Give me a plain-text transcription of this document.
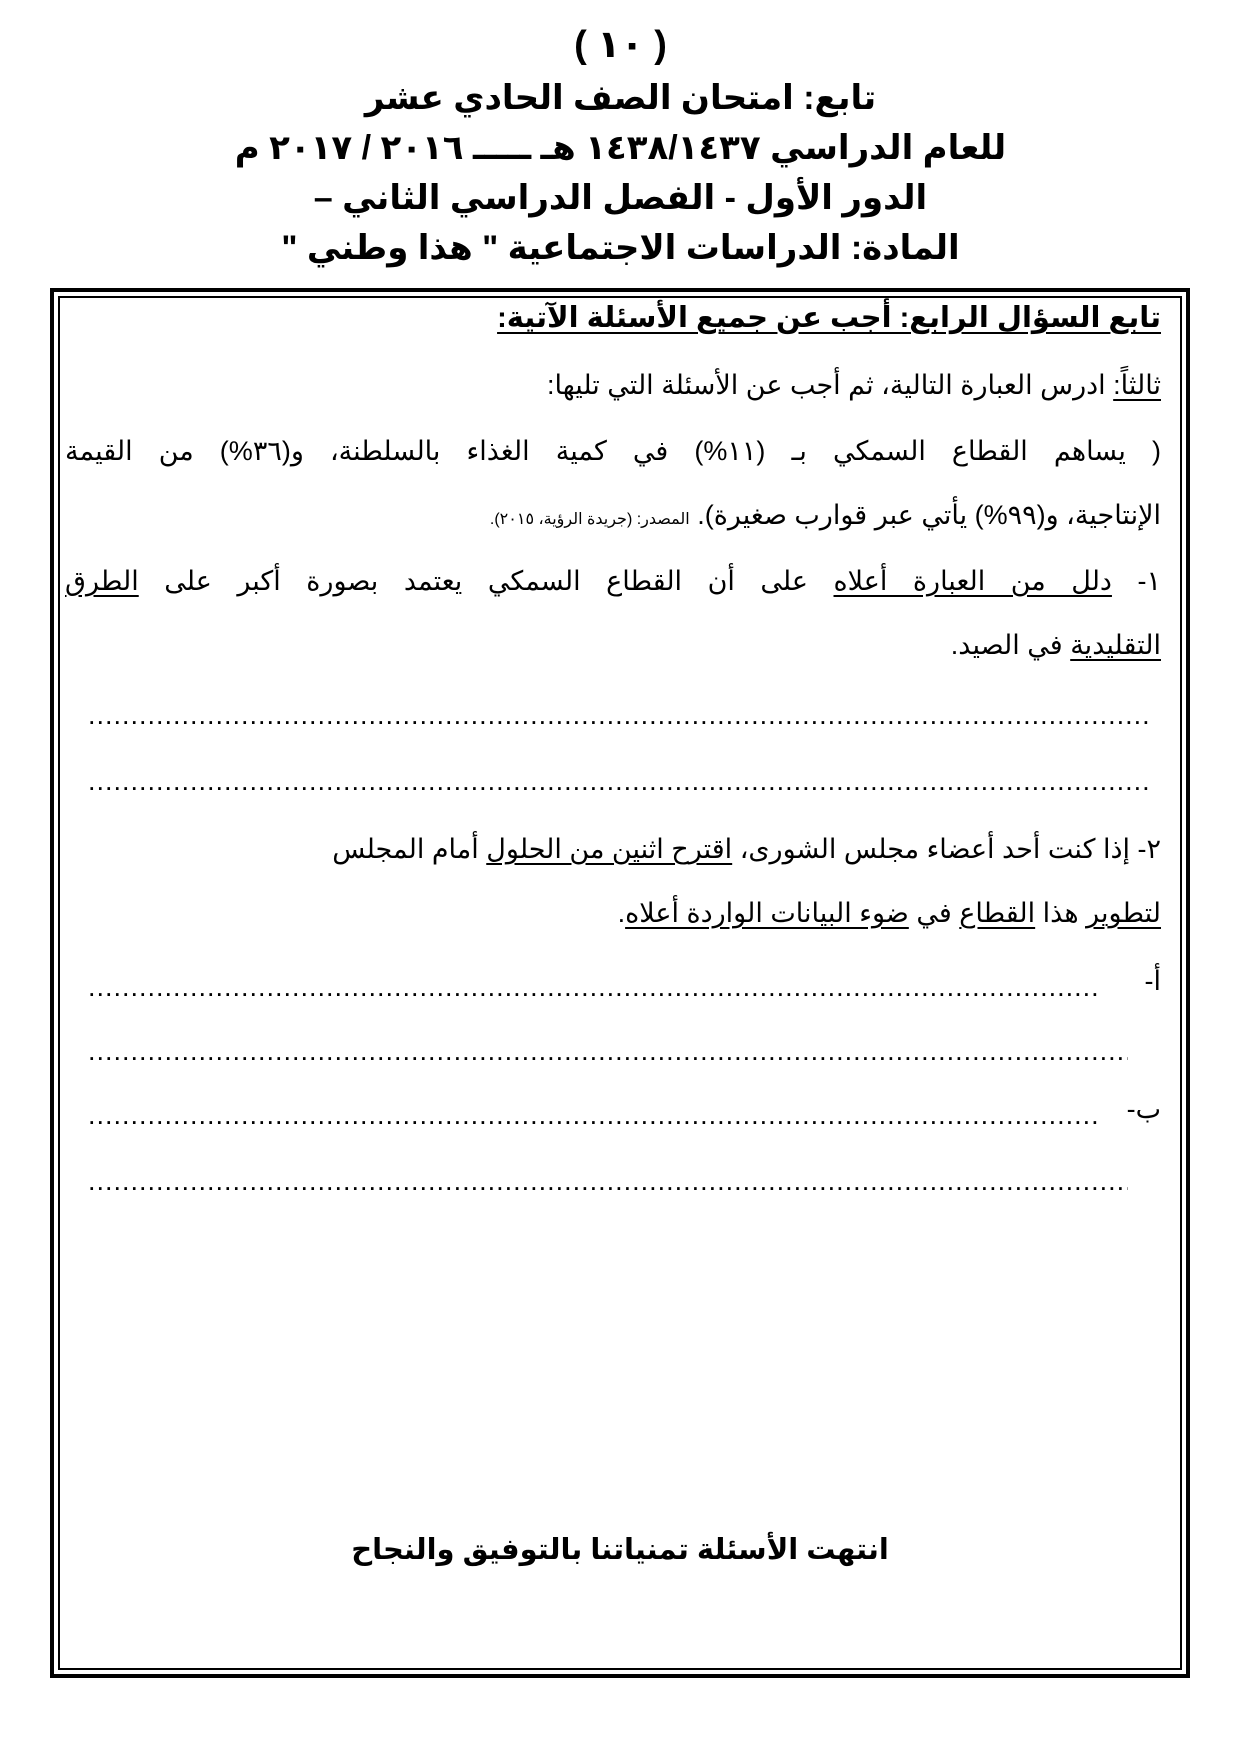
( ١٠ )
تابع: امتحان الصف الحادي عشر
للعام الدراسي ١٤٣٨/١٤٣٧ هـ ـــــ ٢٠١٦ / ٢٠١٧ م
الدور الأول - الفصل الدراسي الثاني –
المادة: الدراسات الاجتماعية " هذا وطني "
تابع السؤال الرابع: أجب عن جميع الأسئلة الآتية:
ثالثاً: ادرس العبارة التالية، ثم أجب عن الأسئلة التي تليها:
( يساهم القطاع السمكي بـ (١١%) في كمية الغذاء بالسلطنة، و(٣٦%) من القيمة
الإنتاجية، و(٩٩%) يأتي عبر قوارب صغيرة). المصدر: (جريدة الرؤية، ٢٠١٥).
١- دلل من العبارة أعلاه على أن القطاع السمكي يعتمد بصورة أكبر على الطرق
التقليدية في الصيد.
.....
.....
٢- إذا كنت أحد أعضاء مجلس الشورى، اقترح اثنين من الحلول أمام المجلس
لتطوير هذا القطاع في ضوء البيانات الواردة أعلاه.
أ-
.....
.....
ب-
.....
.....
انتهت الأسئلة تمنياتنا بالتوفيق والنجاح
